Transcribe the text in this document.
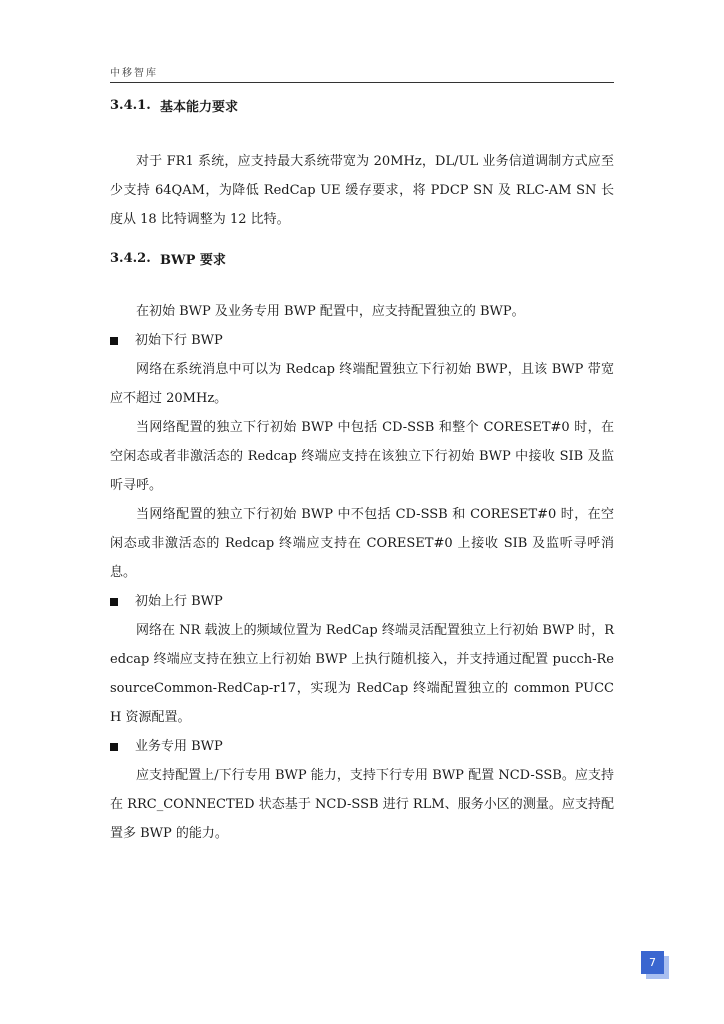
中移智库
3.4.1. 基本能力要求

对于 FR1 系统，应支持最大系统带宽为 20MHz，DL/UL 业务信道调制方式应至少支持 64QAM，为降低 RedCap UE 缓存要求，将 PDCP SN 及 RLC-AM SN 长度从 18 比特调整为 12 比特。

3.4.2. BWP 要求

在初始 BWP 及业务专用 BWP 配置中，应支持配置独立的 BWP。

初始下行 BWP

网络在系统消息中可以为 Redcap 终端配置独立下行初始 BWP，且该 BWP 带宽应不超过 20MHz。

当网络配置的独立下行初始 BWP 中包括 CD-SSB 和整个 CORESET#0 时，在空闲态或者非激活态的 Redcap 终端应支持在该独立下行初始 BWP 中接收 SIB 及监听寻呼。

当网络配置的独立下行初始 BWP 中不包括 CD-SSB 和 CORESET#0 时，在空闲态或非激活态的 Redcap 终端应支持在 CORESET#0 上接收 SIB 及监听寻呼消息。

初始上行 BWP

网络在 NR 载波上的频域位置为 RedCap 终端灵活配置独立上行初始 BWP 时，Redcap 终端应支持在独立上行初始 BWP 上执行随机接入，并支持通过配置 pucch-ResourceCommon-RedCap-r17，实现为 RedCap 终端配置独立的 common PUCCH 资源配置。

业务专用 BWP

应支持配置上/下行专用 BWP 能力，支持下行专用 BWP 配置 NCD-SSB。应支持在 RRC_CONNECTED 状态基于 NCD-SSB 进行 RLM、服务小区的测量。应支持配置多 BWP 的能力。

7
